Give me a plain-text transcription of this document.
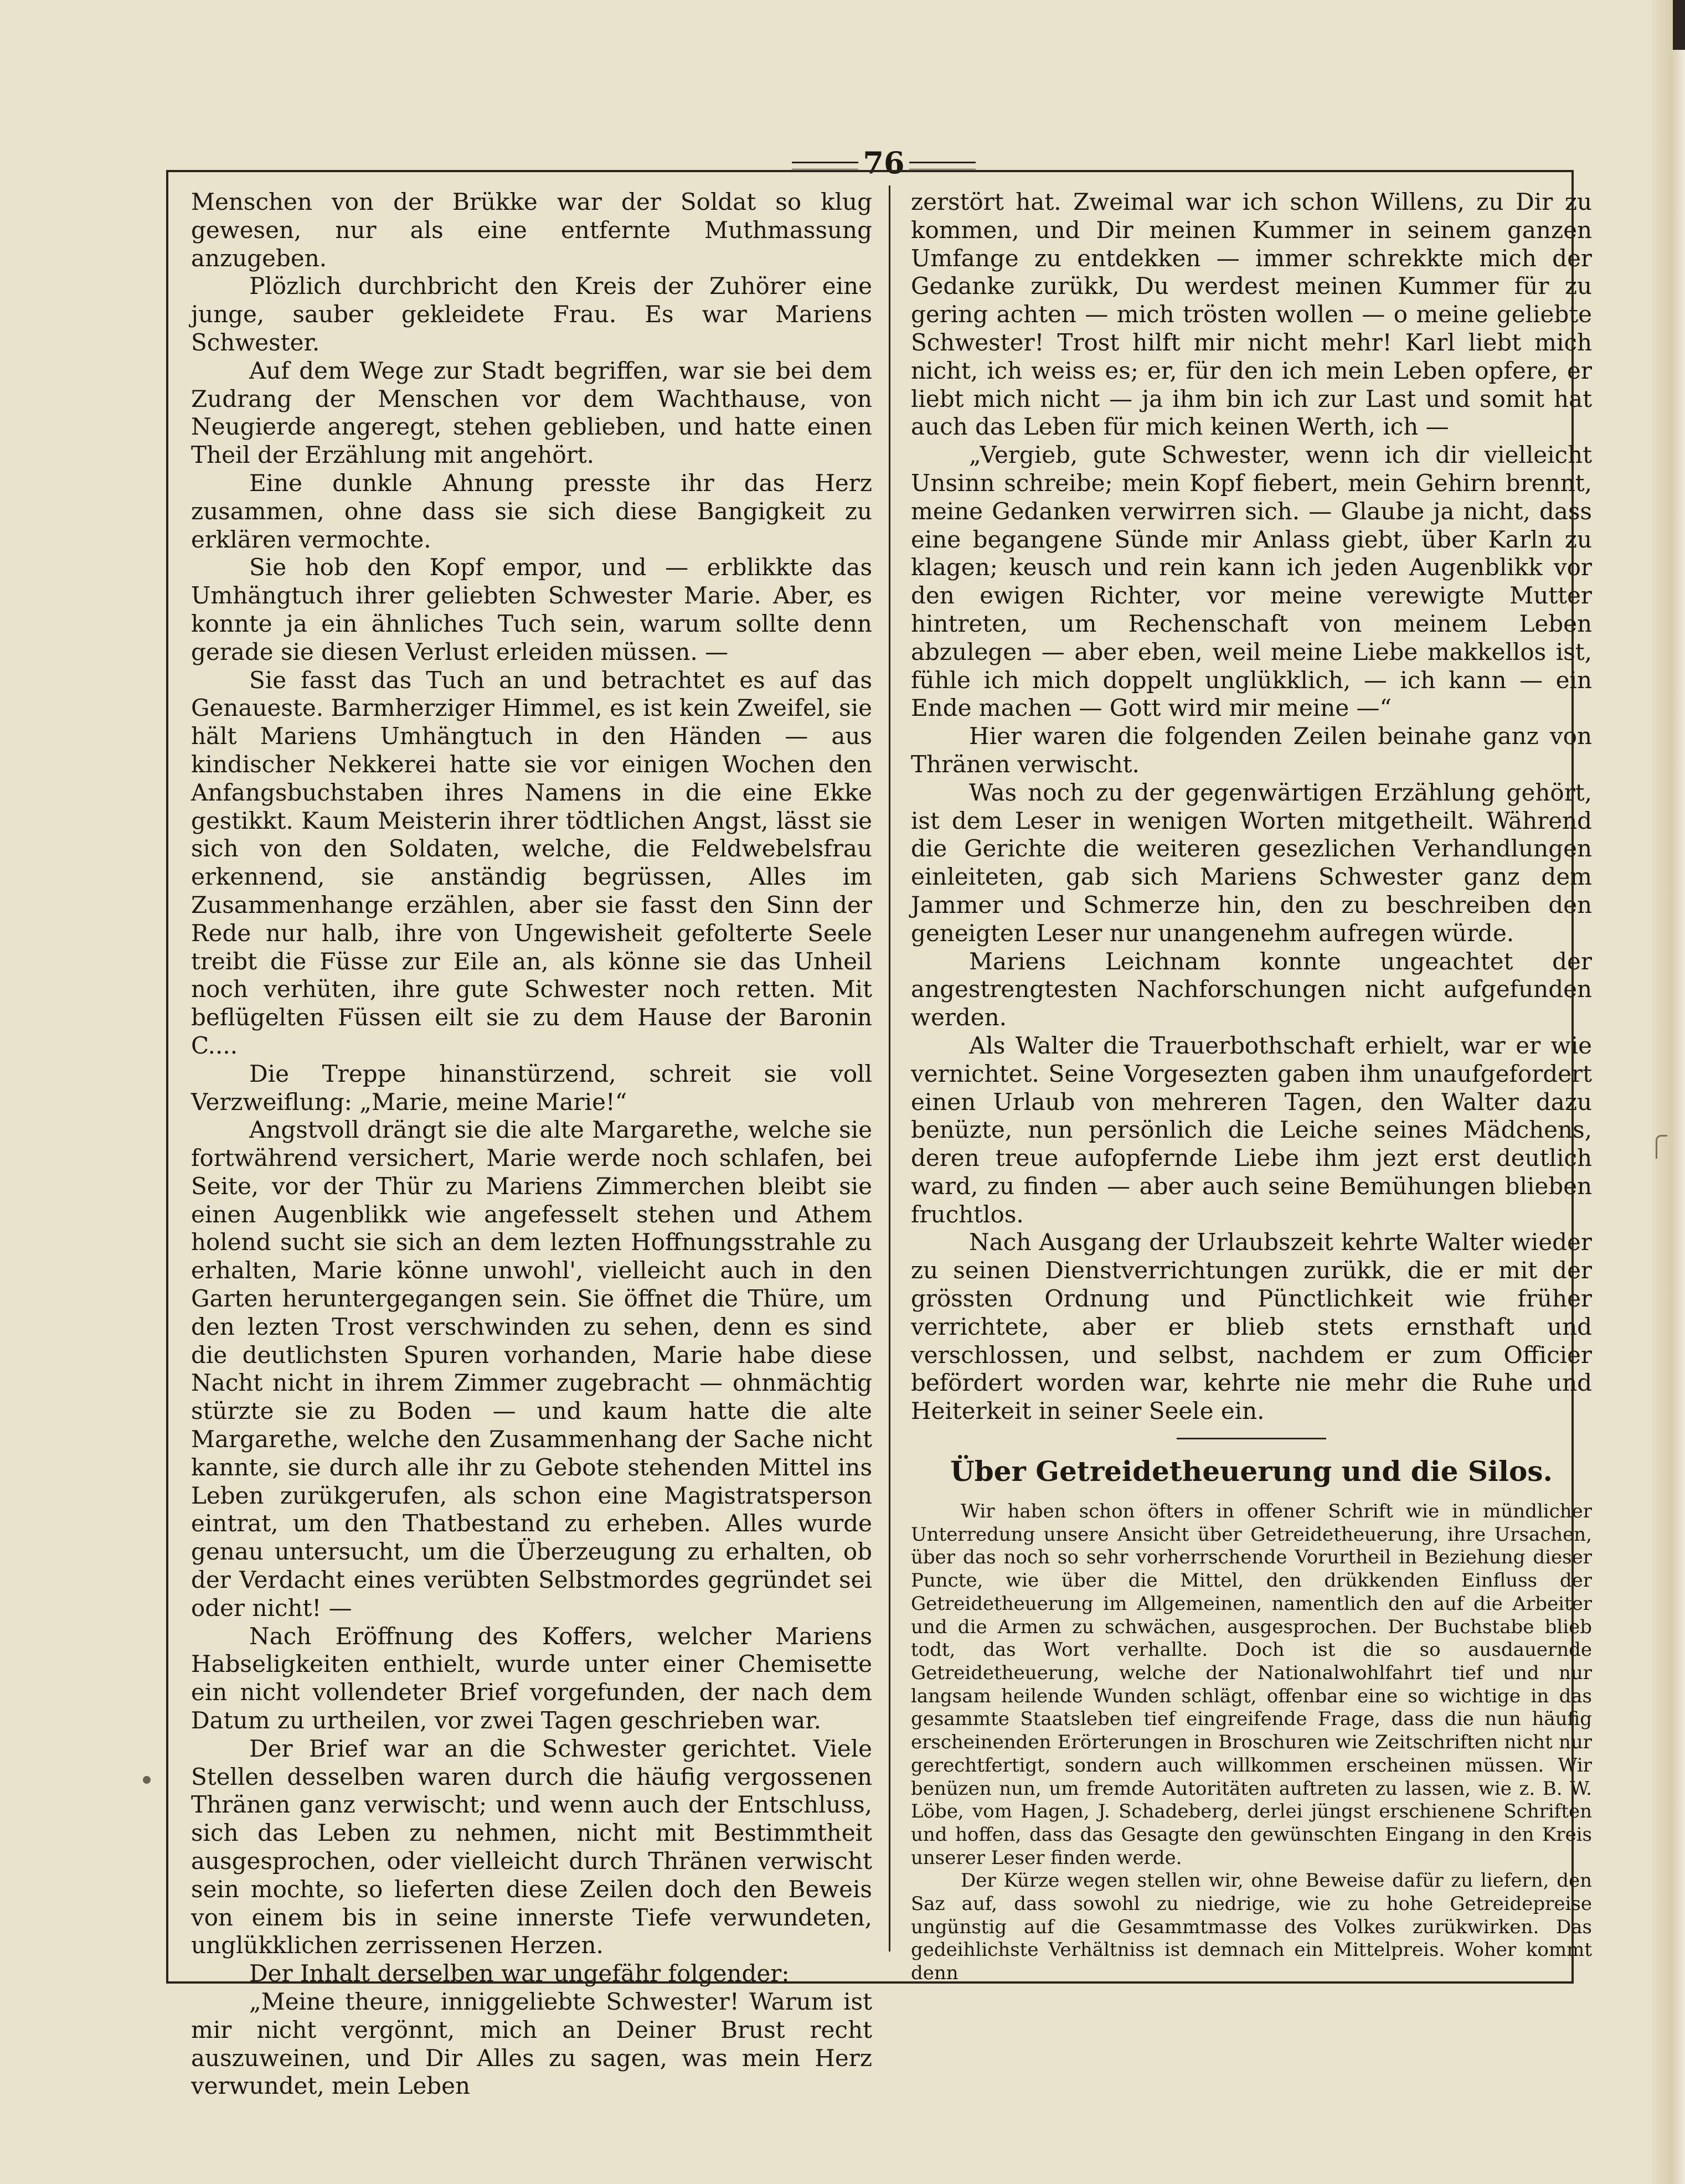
76

Menschen von der Brükke war der Soldat so klug gewesen, nur als eine entfernte Muthmassung anzugeben.

Plözlich durchbricht den Kreis der Zuhörer eine junge, sauber gekleidete Frau. Es war Mariens Schwester.

Auf dem Wege zur Stadt begriffen, war sie bei dem Zudrang der Menschen vor dem Wachthause, von Neugierde angeregt, stehen geblieben, und hatte einen Theil der Erzählung mit angehört.

Eine dunkle Ahnung presste ihr das Herz zusammen, ohne dass sie sich diese Bangigkeit zu erklären vermochte.

Sie hob den Kopf empor, und — erblikkte das Umhängtuch ihrer geliebten Schwester Marie. Aber, es konnte ja ein ähnliches Tuch sein, warum sollte denn gerade sie diesen Verlust erleiden müssen. —

Sie fasst das Tuch an und betrachtet es auf das Genaueste. Barmherziger Himmel, es ist kein Zweifel, sie hält Mariens Umhängtuch in den Händen — aus kindischer Nekkerei hatte sie vor einigen Wochen den Anfangsbuchstaben ihres Namens in die eine Ekke gestikkt. Kaum Meisterin ihrer tödtlichen Angst, lässt sie sich von den Soldaten, welche, die Feldwebelsfrau erkennend, sie anständig begrüssen, Alles im Zusammenhange erzählen, aber sie fasst den Sinn der Rede nur halb, ihre von Ungewisheit gefolterte Seele treibt die Füsse zur Eile an, als könne sie das Unheil noch verhüten, ihre gute Schwester noch retten. Mit beflügelten Füssen eilt sie zu dem Hause der Baronin C....

Die Treppe hinanstürzend, schreit sie voll Verzweiflung: „Marie, meine Marie!“

Angstvoll drängt sie die alte Margarethe, welche sie fortwährend versichert, Marie werde noch schlafen, bei Seite, vor der Thür zu Mariens Zimmerchen bleibt sie einen Augenblikk wie angefesselt stehen und Athem holend sucht sie sich an dem lezten Hoffnungsstrahle zu erhalten, Marie könne unwohl', vielleicht auch in den Garten heruntergegangen sein. Sie öffnet die Thüre, um den lezten Trost verschwinden zu sehen, denn es sind die deutlichsten Spuren vorhanden, Marie habe diese Nacht nicht in ihrem Zimmer zugebracht — ohnmächtig stürzte sie zu Boden — und kaum hatte die alte Margarethe, welche den Zusammenhang der Sache nicht kannte, sie durch alle ihr zu Gebote stehenden Mittel ins Leben zurükgerufen, als schon eine Magistratsperson eintrat, um den Thatbestand zu erheben. Alles wurde genau untersucht, um die Überzeugung zu erhalten, ob der Verdacht eines verübten Selbstmordes gegründet sei oder nicht! —

Nach Eröffnung des Koffers, welcher Mariens Habseligkeiten enthielt, wurde unter einer Chemisette ein nicht vollendeter Brief vorgefunden, der nach dem Datum zu urtheilen, vor zwei Tagen geschrieben war.

Der Brief war an die Schwester gerichtet. Viele Stellen desselben waren durch die häufig vergossenen Thränen ganz verwischt; und wenn auch der Entschluss, sich das Leben zu nehmen, nicht mit Bestimmtheit ausgesprochen, oder vielleicht durch Thränen verwischt sein mochte, so lieferten diese Zeilen doch den Beweis von einem bis in seine innerste Tiefe verwundeten, unglükklichen zerrissenen Herzen.

Der Inhalt derselben war ungefähr folgender:

„Meine theure, inniggeliebte Schwester! Warum ist mir nicht vergönnt, mich an Deiner Brust recht auszuweinen, und Dir Alles zu sagen, was mein Herz verwundet, mein Leben

zerstört hat. Zweimal war ich schon Willens, zu Dir zu kommen, und Dir meinen Kummer in seinem ganzen Umfange zu entdekken — immer schrekkte mich der Gedanke zurükk, Du werdest meinen Kummer für zu gering achten — mich trösten wollen — o meine geliebte Schwester! Trost hilft mir nicht mehr! Karl liebt mich nicht, ich weiss es; er, für den ich mein Leben opfere, er liebt mich nicht — ja ihm bin ich zur Last und somit hat auch das Leben für mich keinen Werth, ich —

„Vergieb, gute Schwester, wenn ich dir vielleicht Unsinn schreibe; mein Kopf fiebert, mein Gehirn brennt, meine Gedanken verwirren sich. — Glaube ja nicht, dass eine begangene Sünde mir Anlass giebt, über Karln zu klagen; keusch und rein kann ich jeden Augenblikk vor den ewigen Richter, vor meine verewigte Mutter hintreten, um Rechenschaft von meinem Leben abzulegen — aber eben, weil meine Liebe makkellos ist, fühle ich mich doppelt unglükklich, — ich kann — ein Ende machen — Gott wird mir meine —“

Hier waren die folgenden Zeilen beinahe ganz von Thränen verwischt.

Was noch zu der gegenwärtigen Erzählung gehört, ist dem Leser in wenigen Worten mitgetheilt. Während die Gerichte die weiteren gesezlichen Verhandlungen einleiteten, gab sich Mariens Schwester ganz dem Jammer und Schmerze hin, den zu beschreiben den geneigten Leser nur unangenehm aufregen würde.

Mariens Leichnam konnte ungeachtet der angestrengtesten Nachforschungen nicht aufgefunden werden.

Als Walter die Trauerbothschaft erhielt, war er wie vernichtet. Seine Vorgesezten gaben ihm unaufgefordert einen Urlaub von mehreren Tagen, den Walter dazu benüzte, nun persönlich die Leiche seines Mädchens, deren treue aufopfernde Liebe ihm jezt erst deutlich ward, zu finden — aber auch seine Bemühungen blieben fruchtlos.

Nach Ausgang der Urlaubszeit kehrte Walter wieder zu seinen Dienstverrichtungen zurükk, die er mit der grössten Ordnung und Pünctlichkeit wie früher verrichtete, aber er blieb stets ernsthaft und verschlossen, und selbst, nachdem er zum Officier befördert worden war, kehrte nie mehr die Ruhe und Heiterkeit in seiner Seele ein.

Über Getreidetheuerung und die Silos.

Wir haben schon öfters in offener Schrift wie in mündlicher Unterredung unsere Ansicht über Getreidetheuerung, ihre Ursachen, über das noch so sehr vorherrschende Vorurtheil in Beziehung dieser Puncte, wie über die Mittel, den drükkenden Einfluss der Getreidetheuerung im Allgemeinen, namentlich den auf die Arbeiter und die Armen zu schwächen, ausgesprochen. Der Buchstabe blieb todt, das Wort verhallte. Doch ist die so ausdauernde Getreidetheuerung, welche der Nationalwohlfahrt tief und nur langsam heilende Wunden schlägt, offenbar eine so wichtige in das gesammte Staatsleben tief eingreifende Frage, dass die nun häufig erscheinenden Erörterungen in Broschuren wie Zeitschriften nicht nur gerechtfertigt, sondern auch willkommen erscheinen müssen. Wir benüzen nun, um fremde Autoritäten auftreten zu lassen, wie z. B. W. Löbe, vom Hagen, J. Schadeberg, derlei jüngst erschienene Schriften und hoffen, dass das Gesagte den gewünschten Eingang in den Kreis unserer Leser finden werde.

Der Kürze wegen stellen wir, ohne Beweise dafür zu liefern, den Saz auf, dass sowohl zu niedrige, wie zu hohe Getreidepreise ungünstig auf die Gesammtmasse des Volkes zurükwirken. Das gedeihlichste Verhältniss ist demnach ein Mittelpreis. Woher kommt denn
